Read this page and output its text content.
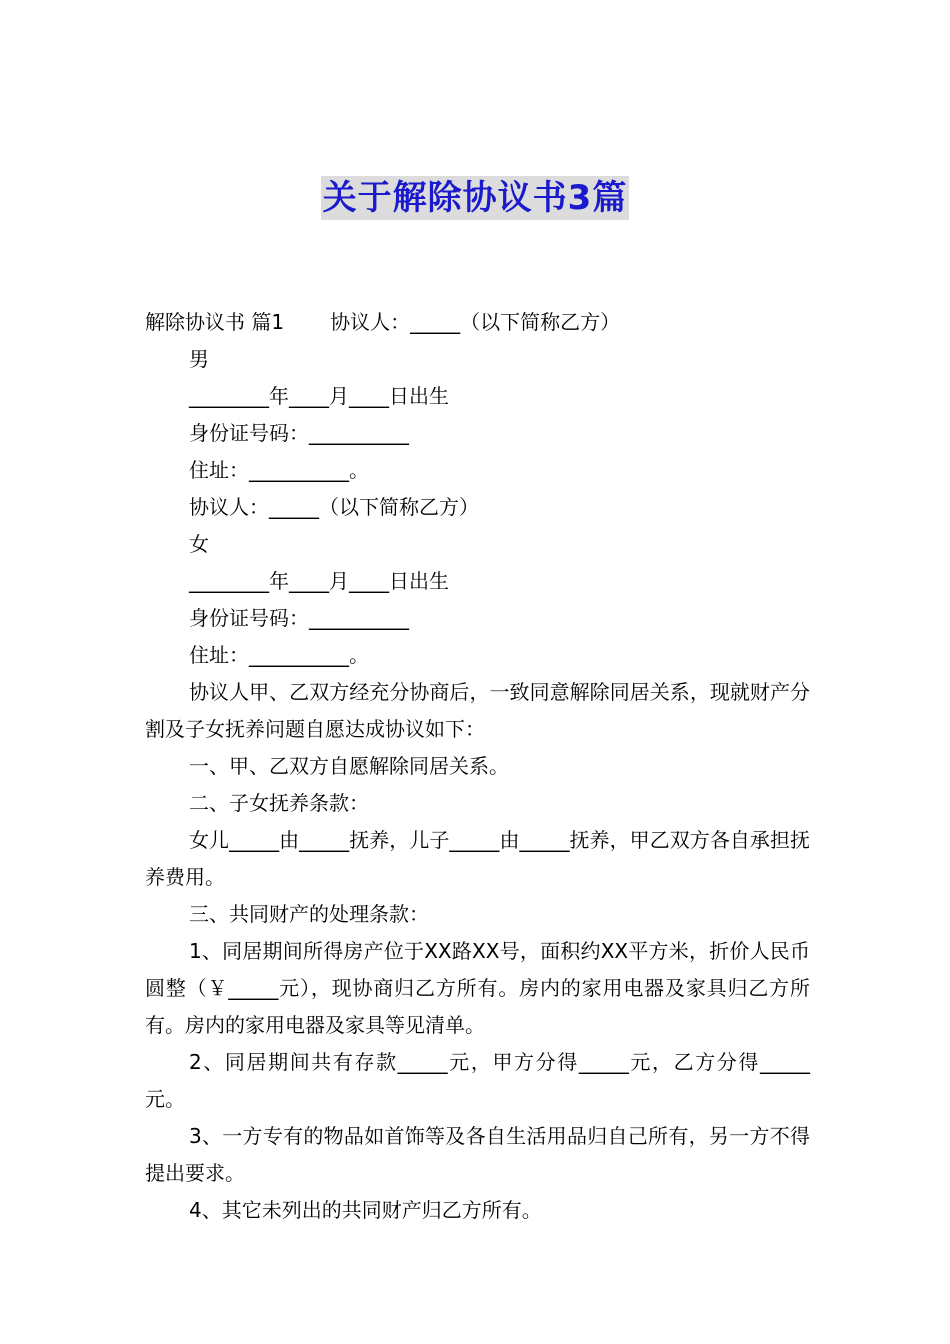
关于解除协议书3篇
解除协议书 篇1 协议人：_____（以下简称乙方）
男
________年____月____日出生
身份证号码：__________
住址：__________。
协议人：_____（以下简称乙方）
女
________年____月____日出生
身份证号码：__________
住址：__________。
协议人甲、乙双方经充分协商后，一致同意解除同居关系，现就财产分割及子女抚养问题自愿达成协议如下：
一、甲、乙双方自愿解除同居关系。
二、子女抚养条款：
女儿_____由_____抚养，儿子_____由_____抚养，甲乙双方各自承担抚养费用。
三、共同财产的处理条款：
1、同居期间所得房产位于XX路XX号，面积约XX平方米，折价人民币圆整（￥_____元），现协商归乙方所有。房内的家用电器及家具归乙方所有。房内的家用电器及家具等见清单。
2、同居期间共有存款_____元，甲方分得_____元，乙方分得_____元。
3、一方专有的物品如首饰等及各自生活用品归自己所有，另一方不得提出要求。
4、其它未列出的共同财产归乙方所有。
